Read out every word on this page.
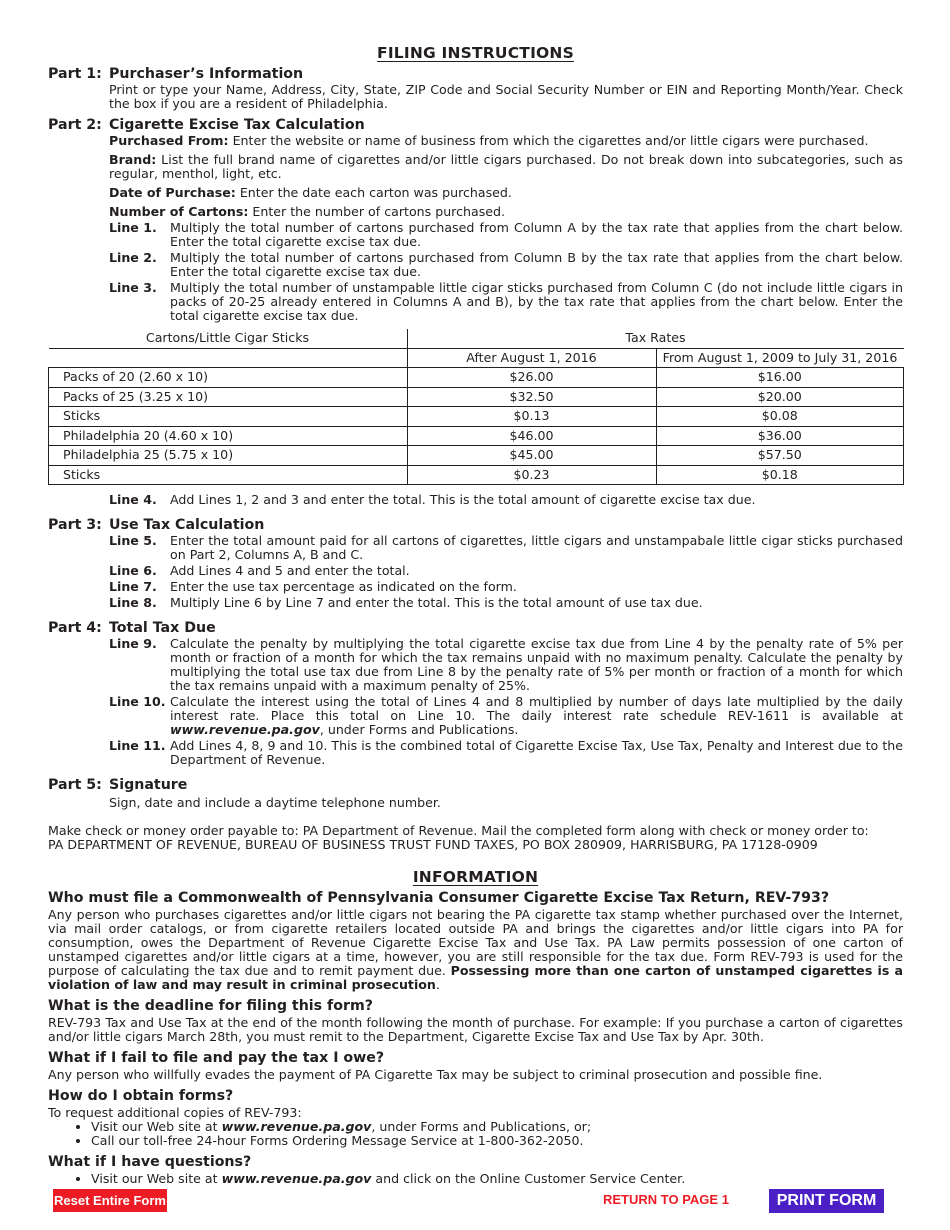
FILING INSTRUCTIONS
Part 1: Purchaser’s Information

Print or type your Name, Address, City, State, ZIP Code and Social Security Number or EIN and Reporting Month/Year. Check the box if you are a resident of Philadelphia.

Part 2: Cigarette Excise Tax Calculation

Purchased From: Enter the website or name of business from which the cigarettes and/or little cigars were purchased.

Brand: List the full brand name of cigarettes and/or little cigars purchased. Do not break down into subcategories, such as regular, menthol, light, etc.

Date of Purchase: Enter the date each carton was purchased.

Number of Cartons: Enter the number of cartons purchased.

Line 1.	Multiply the total number of cartons purchased from Column A by the tax rate that applies from the chart below. Enter the total cigarette excise tax due.
Line 2.	Multiply the total number of cartons purchased from Column B by the tax rate that applies from the chart below. Enter the total cigarette excise tax due.
Line 3.	Multiply the total number of unstampable little cigar sticks purchased from Column C (do not include little cigars in packs of 20-25 already entered in Columns A and B), by the tax rate that applies from the chart below. Enter the total cigarette excise tax due.
Cartons/Little Cigar Sticks	Tax Rates	
	After August 1, 2016	From August 1, 2009 to July 31, 2016
Packs of 20 (2.60 x 10)	$26.00	$16.00
Packs of 25 (3.25 x 10)	$32.50	$20.00
Sticks	$0.13	$0.08
Philadelphia 20 (4.60 x 10)	$46.00	$36.00
Philadelphia 25 (5.75 x 10)	$45.00	$57.50
Sticks	$0.23	$0.18
Line 4.	Add Lines 1, 2 and 3 and enter the total. This is the total amount of cigarette excise tax due.
Part 3: Use Tax Calculation
Line 5.	Enter the total amount paid for all cartons of cigarettes, little cigars and unstampabale little cigar sticks purchased on Part 2, Columns A, B and C.
Line 6.	Add Lines 4 and 5 and enter the total.
Line 7.	Enter the use tax percentage as indicated on the form.
Line 8.	Multiply Line 6 by Line 7 and enter the total. This is the total amount of use tax due.
Part 4: Total Tax Due
Line 9.	Calculate the penalty by multiplying the total cigarette excise tax due from Line 4 by the penalty rate of 5% per month or fraction of a month for which the tax remains unpaid with no maximum penalty. Calculate the penalty by multiplying the total use tax due from Line 8 by the penalty rate of 5% per month or fraction of a month for which the tax remains unpaid with a maximum penalty of 25%.
Line 10. Calculate the interest using the total of Lines 4 and 8 multiplied by number of days late multiplied by the daily interest rate. Place this total on Line 10. The daily interest rate schedule REV-1611 is available at www.revenue.pa.gov, under Forms and Publications.
Line 11. Add Lines 4, 8, 9 and 10. This is the combined total of Cigarette Excise Tax, Use Tax, Penalty and Interest due to the Department of Revenue.
Part 5: Signature

Sign, date and include a daytime telephone number.

Make check or money order payable to: PA Department of Revenue. Mail the completed form along with check or money order to:

PA DEPARTMENT OF REVENUE, BUREAU OF BUSINESS TRUST FUND TAXES, PO BOX 280909, HARRISBURG, PA 17128-0909

INFORMATION
Who must file a Commonwealth of Pennsylvania Consumer Cigarette Excise Tax Return, REV-793?

Any person who purchases cigarettes and/or little cigars not bearing the PA cigarette tax stamp whether purchased over the Internet, via mail order catalogs, or from cigarette retailers located outside PA and brings the cigarettes and/or little cigars into PA for consumption, owes the Department of Revenue Cigarette Excise Tax and Use Tax. PA Law permits possession of one carton of unstamped cigarettes and/or little cigars at a time, however, you are still responsible for the tax due. Form REV-793 is used for the purpose of calculating the tax due and to remit payment due. Possessing more than one carton of unstamped cigarettes is a violation of law and may result in criminal prosecution.

What is the deadline for filing this form?

REV-793 Tax and Use Tax at the end of the month following the month of purchase. For example: If you purchase a carton of cigarettes and/or little cigars March 28th, you must remit to the Department, Cigarette Excise Tax and Use Tax by Apr. 30th.

What if I fail to file and pay the tax I owe?

Any person who willfully evades the payment of PA Cigarette Tax may be subject to criminal prosecution and possible fine.

How do I obtain forms?

To request additional copies of REV-793:

• Visit our Web site at www.revenue.pa.gov, under Forms and Publications, or;
• Call our toll-free 24-hour Forms Ordering Message Service at 1-800-362-2050.
What if I have questions?
• Visit our Web site at www.revenue.pa.gov and click on the Online Customer Service Center.
Reset Entire Form	RETURN TO PAGE 1	PRINT FORM
